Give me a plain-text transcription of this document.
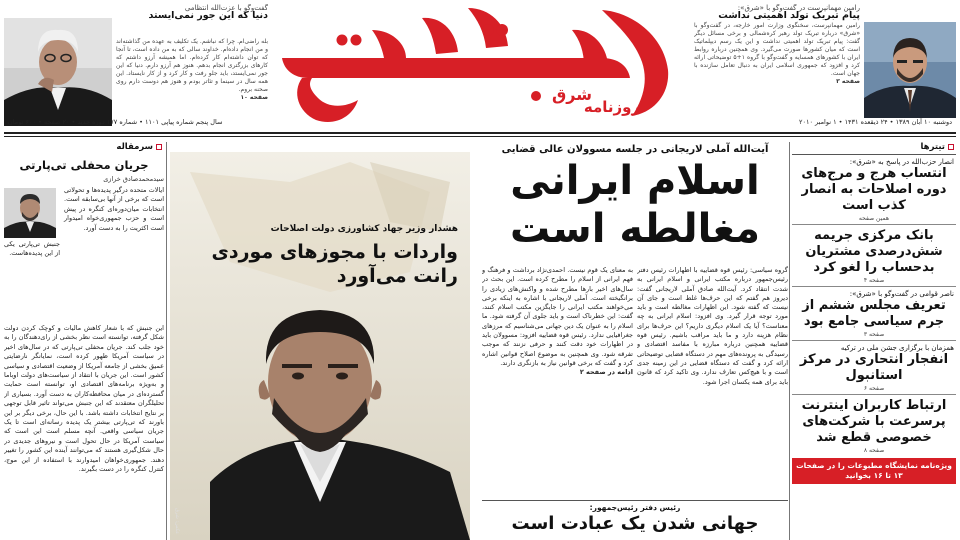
رامین مهمانپرست در گفت‌وگو با «شرق»:
پیام تبریک تولد اهمیتی نداشت
رامین مهمانپرست، سخنگوی وزارت امور خارجه، در گفت‌وگو با «شرق» درباره تبریک تولد رهبر کره‌شمالی و برخی مسائل دیگر گفت: پیام تبریک تولد اهمیتی نداشت و این یک رسم دیپلماتیک است که میان کشورها صورت می‌گیرد. وی همچنین درباره روابط ایران با کشورهای همسایه و گفت‌وگو با گروه ۱+۵ توضیحاتی ارائه کرد و افزود که جمهوری اسلامی ایران به دنبال تعامل سازنده با جهان است.
صفحه ۳
شرق
روزنامه
گفت‌وگو با عزت‌الله انتظامی
دنیا که این جور نمی‌ایستد
بله راضی‌ام. چرا که نباشم. یک تکلیف به عهده من گذاشته‌اند و من انجام داده‌ام. خداوند سالی که به من داده است، تا آنجا که توان داشته‌ام کار کرده‌ام. اما همیشه آرزو داشتم که کارهای بزرگتری انجام بدهم. هنوز هم آرزو دارم. دنیا که این جور نمی‌ایستد، باید جلو رفت و کار کرد و از کار نایستاد. این همه سال در سینما و تئاتر بودم و هنوز هم دوست دارم روی صحنه بروم.
صفحه ۱۰
دوشنبه ۱۰ آبان ۱۳۸۹ • ۲۴ ذیقعده ۱۴۳۱ • ۱ نوامبر ۲۰۱۰
سال پنجم شماره پیاپی ۱۱۰۱ • شماره ۱۷۷ دوره جدید • ۲۰ صفحه • ۶۰۰ تومان
تیترها
انصار حزب‌الله در پاسخ به «شرق»:
انتساب هرج و مرج‌های دوره اصلاحات به انصار کذب است
همین صفحه
بانک مرکزی جریمه شش‌درصدی مشتریان بدحساب را لغو کرد
صفحه ۴
ناصر قوامی در گفت‌وگو با «شرق»:
تعریف مجلس ششم از جرم سیاسی جامع بود
صفحه ۳
همزمان با برگزاری جشن ملی در ترکیه
انفجار انتحاری در مرکز استانبول
صفحه ۶
ارتباط کاربران اینترنت پرسرعت با شرکت‌های خصوصی قطع شد
صفحه ۸
ویژه‌نامه نمایشگاه مطبوعات را در صفحات ۱۳ تا ۱۶ بخوانید
آیت‌الله آملی لاریجانی در جلسه مسوولان عالی قضایی
اسلام ایرانی مغالطه است
گروه سیاسی: رئیس قوه قضاییه با اظهارات رئیس دفتر رئیس‌جمهور درباره مکتب ایرانی و اسلام ایرانی به شدت انتقاد کرد. آیت‌الله صادق آملی لاریجانی گفت: دیروز هم گفتم که این حرف‌ها غلط است و جای آن نیست که گفته شود. این اظهارات مغالطه است و باید مورد توجه قرار گیرد. وی افزود: اسلام ایرانی به چه معناست؟ آیا یک اسلام دیگری داریم؟ این حرف‌ها برای نظام هزینه دارد و ما باید مراقب باشیم. رئیس قوه قضاییه همچنین درباره مبارزه با مفاسد اقتصادی و رسیدگی به پرونده‌های مهم در دستگاه قضایی توضیحاتی ارائه کرد و گفت که دستگاه قضایی در این زمینه جدی است و با هیچ‌کس تعارف ندارد. وی تاکید کرد که قانون باید برای همه یکسان اجرا شود.
به معنای یک قوم نیست. احمدی‌نژاد برداشت و فرهنگ و فهم ایرانی از اسلام را مطرح کرده است. این بحث در سال‌های اخیر بارها مطرح شده و واکنش‌های زیادی را برانگیخته است. آملی لاریجانی با اشاره به اینکه برخی می‌خواهند مکتب ایرانی را جایگزین مکتب اسلام کنند، گفت: این خطرناک است و باید جلوی آن گرفته شود. ما اسلام را به عنوان یک دین جهانی می‌شناسیم که مرزهای جغرافیایی ندارد. رئیس قوه قضاییه افزود: مسوولان باید در اظهارات خود دقت کنند و حرفی نزنند که موجب تفرقه شود. وی همچنین به موضوع اصلاح قوانین اشاره کرد و گفت که برخی قوانین نیاز به بازنگری دارند.
ادامه در صفحه ۲
رئیس دفتر رئیس‌جمهور:
جهانی شدن یک عبادت است
هشدار وزیر جهاد کشاورزی دولت اصلاحات
واردات با مجوزهای موردی رانت می‌آورد
عکس: شرق
سرمقاله
جریان محفلی تی‌پارتی
سیدمحمدصادق خرازی
ایالات متحده درگیر پدیده‌ها و تحولاتی است که برخی از آنها بی‌سابقه است. انتخابات میان‌دوره‌ای کنگره در پیش است و حزب جمهوری‌خواه امیدوار است اکثریت را به دست آورد.
جنبش تی‌پارتی یکی از این پدیده‌هاست.
این جنبش که با شعار کاهش مالیات و کوچک کردن دولت شکل گرفته، توانسته است نظر بخشی از رای‌دهندگان را به خود جلب کند. جریان محفلی تی‌پارتی که در سال‌های اخیر در سیاست آمریکا ظهور کرده است، نمایانگر نارضایتی عمیق بخشی از جامعه آمریکا از وضعیت اقتصادی و سیاسی کشور است. این جریان با انتقاد از سیاست‌های دولت اوباما و به‌ویژه برنامه‌های اقتصادی او، توانسته است حمایت گسترده‌ای در میان محافظه‌کاران به دست آورد. بسیاری از تحلیلگران معتقدند که این جنبش می‌تواند تاثیر قابل توجهی بر نتایج انتخابات داشته باشد. با این حال، برخی دیگر بر این باورند که تی‌پارتی بیشتر یک پدیده رسانه‌ای است تا یک جریان سیاسی واقعی. آنچه مسلم است این است که سیاست آمریکا در حال تحول است و نیروهای جدیدی در حال شکل‌گیری هستند که می‌توانند آینده این کشور را تغییر دهند. جمهوری‌خواهان امیدوارند با استفاده از این موج، کنترل کنگره را در دست بگیرند.
